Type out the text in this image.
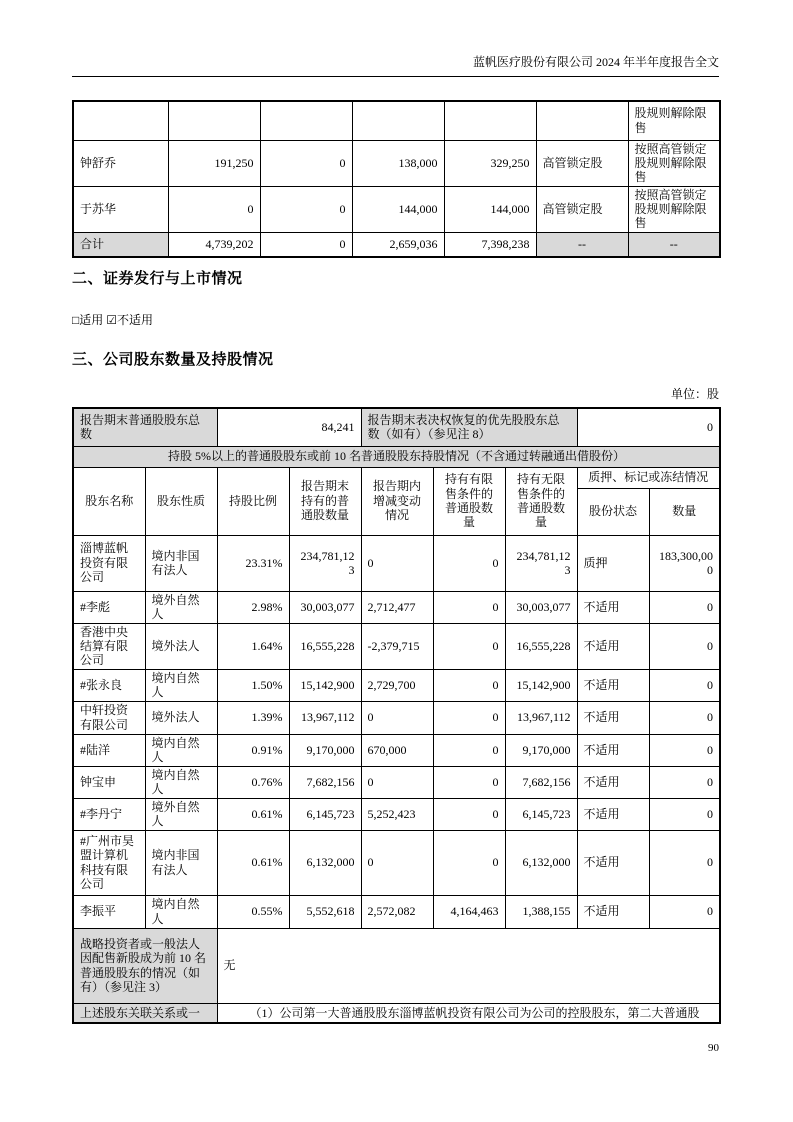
蓝帆医疗股份有限公司 2024 年半年度报告全文
						股规则解除限售
钟舒乔	191,250	0	138,000	329,250	高管锁定股	按照高管锁定股规则解除限售
于苏华	0	0	144,000	144,000	高管锁定股	按照高管锁定股规则解除限售
合计	4,739,202	0	2,659,036	7,398,238	--	--
二、证券发行与上市情况
□适用 ☑不适用
三、公司股东数量及持股情况
单位：股
报告期末普通股股东总数		84,241		报告期末表决权恢复的优先股股东总数（如有）（参见注 8）			0	
持股 5%以上的普通股股东或前 10 名普通股股东持股情况（不含通过转融通出借股份）								
股东名称	股东性质	持股比例	报告期末持有的普通股数量	报告期内增减变动情况	持有有限售条件的普通股数量	持有无限售条件的普通股数量	质押、标记或冻结情况	
							股份状态	数量
淄博蓝帆投资有限公司	境内非国有法人	23.31%	234,781,123	0	0	234,781,123	质押	183,300,000
#李彪	境外自然人	2.98%	30,003,077	2,712,477	0	30,003,077	不适用	0
香港中央结算有限公司	境外法人	1.64%	16,555,228	-2,379,715	0	16,555,228	不适用	0
#张永良	境内自然人	1.50%	15,142,900	2,729,700	0	15,142,900	不适用	0
中轩投资有限公司	境外法人	1.39%	13,967,112	0	0	13,967,112	不适用	0
#陆洋	境内自然人	0.91%	9,170,000	670,000	0	9,170,000	不适用	0
钟宝申	境内自然人	0.76%	7,682,156	0	0	7,682,156	不适用	0
#李丹宁	境外自然人	0.61%	6,145,723	5,252,423	0	6,145,723	不适用	0
#广州市昊盟计算机科技有限公司	境内非国有法人	0.61%	6,132,000	0	0	6,132,000	不适用	0
李振平	境内自然人	0.55%	5,552,618	2,572,082	4,164,463	1,388,155	不适用	0
战略投资者或一般法人因配售新股成为前 10 名普通股股东的情况（如有）（参见注 3）		无						
上述股东关联关系或一		（1）公司第一大普通股股东淄博蓝帆投资有限公司为公司的控股股东，第二大普通股						
90
